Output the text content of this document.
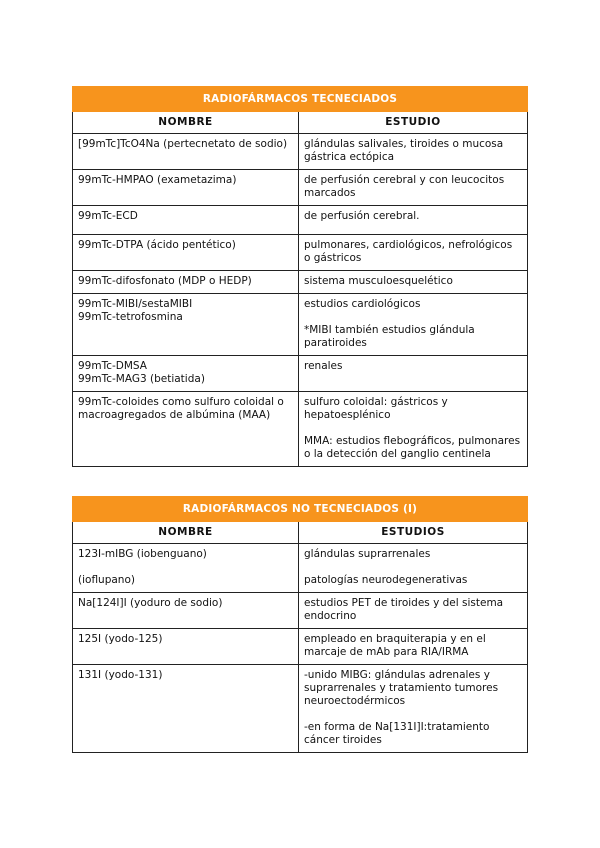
RADIOFÁRMACOS TECNECIADOS	
NOMBRE	ESTUDIO

[99mTc]TcO4Na (pertecnetato de sodio)	glándulas salivales, tiroides o mucosa gástrica ectópica

99mTc-HMPAO (exametazima)	de perfusión cerebral y con leucocitos marcados

99mTc-ECD	de perfusión cerebral.

99mTc-DTPA (ácido pentético)	pulmonares, cardiológicos, nefrológicos o gástricos

99mTc-difosfonato (MDP o HEDP)	sistema musculoesquelético

99mTc-MIBI/sestaMIBI
99mTc-tetrofosmina	estudios cardiológicos
*MIBI también estudios glándula paratiroides

99mTc-DMSA
99mTc-MAG3 (betiatida)	renales

99mTc-coloides como sulfuro coloidal o macroagregados de albúmina (MAA)	sulfuro coloidal: gástricos y hepatoesplénico
MMA: estudios flebográficos, pulmonares o la detección del ganglio centinela
RADIOFÁRMACOS NO TECNECIADOS (I)	
NOMBRE	ESTUDIOS

123I-mIBG (iobenguano)
(ioflupano)	glándulas suprarrenales
patologías neurodegenerativas

Na[124I]I (yoduro de sodio)	estudios PET de tiroides y del sistema endocrino

125I (yodo-125)	empleado en braquiterapia y en el marcaje de mAb para RIA/IRMA

131I (yodo-131)	-unido MIBG: glándulas adrenales y suprarrenales y tratamiento tumores neuroectodérmicos
-en forma de Na[131I]I:tratamiento cáncer tiroides
